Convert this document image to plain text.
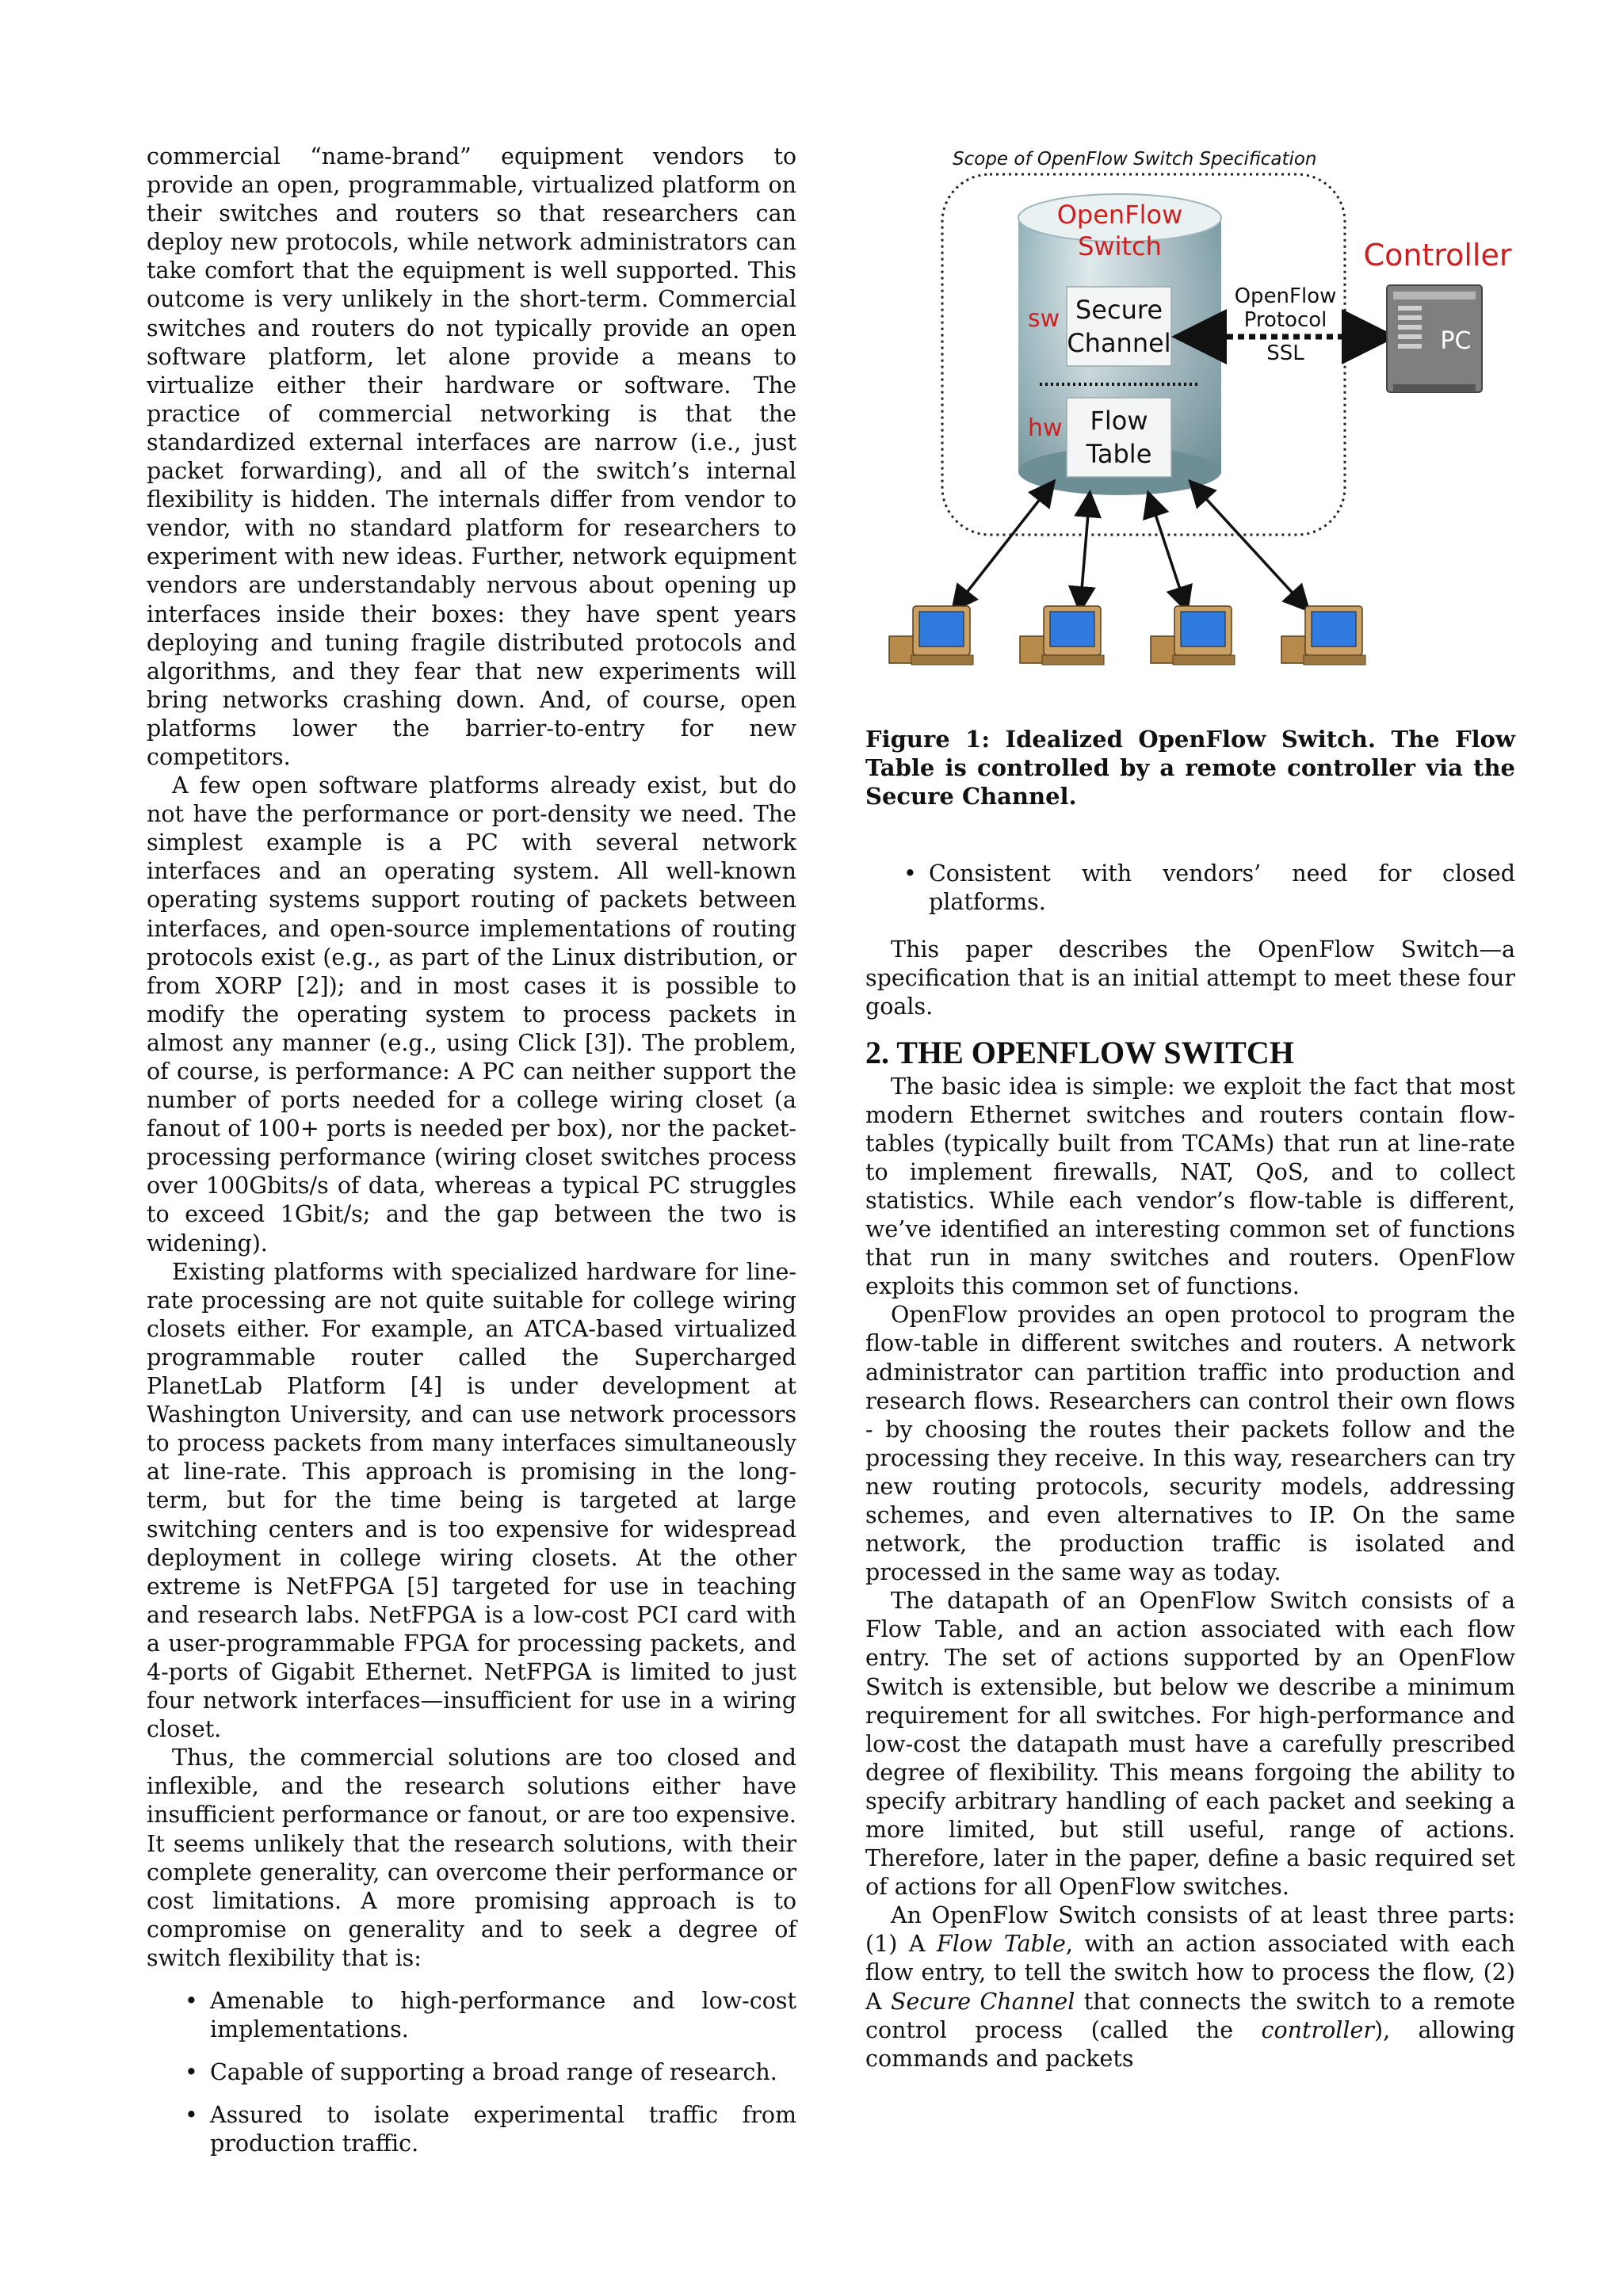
commercial “name-brand” equipment vendors to provide an open, programmable, virtualized platform on their switches and routers so that researchers can deploy new protocols, while network administrators can take comfort that the equipment is well supported. This outcome is very unlikely in the short-term. Commercial switches and routers do not typically provide an open software platform, let alone provide a means to virtualize either their hardware or software. The practice of commercial networking is that the standardized external interfaces are narrow (i.e., just packet forwarding), and all of the switch’s internal flexibility is hidden. The internals differ from vendor to vendor, with no standard platform for researchers to experiment with new ideas. Further, network equipment vendors are understandably nervous about opening up interfaces inside their boxes: they have spent years deploying and tuning fragile distributed protocols and algorithms, and they fear that new experiments will bring networks crashing down. And, of course, open platforms lower the barrier-to-entry for new competitors.

A few open software platforms already exist, but do not have the performance or port-density we need. The simplest example is a PC with several network interfaces and an operating system. All well-known operating systems support routing of packets between interfaces, and open-source implementations of routing protocols exist (e.g., as part of the Linux distribution, or from XORP [2]); and in most cases it is possible to modify the operating system to process packets in almost any manner (e.g., using Click [3]). The problem, of course, is performance: A PC can neither support the number of ports needed for a college wiring closet (a fanout of 100+ ports is needed per box), nor the packet-processing performance (wiring closet switches process over 100Gbits/s of data, whereas a typical PC struggles to exceed 1Gbit/s; and the gap between the two is widening).

Existing platforms with specialized hardware for line-rate processing are not quite suitable for college wiring closets either. For example, an ATCA-based virtualized programmable router called the Supercharged PlanetLab Platform [4] is under development at Washington University, and can use network processors to process packets from many interfaces simultaneously at line-rate. This approach is promising in the long-term, but for the time being is targeted at large switching centers and is too expensive for widespread deployment in college wiring closets. At the other extreme is NetFPGA [5] targeted for use in teaching and research labs. NetFPGA is a low-cost PCI card with a user-programmable FPGA for processing packets, and 4-ports of Gigabit Ethernet. NetFPGA is limited to just four network interfaces—insufficient for use in a wiring closet.

Thus, the commercial solutions are too closed and inflexible, and the research solutions either have insufficient performance or fanout, or are too expensive. It seems unlikely that the research solutions, with their complete generality, can overcome their performance or cost limitations. A more promising approach is to compromise on generality and to seek a degree of switch flexibility that is:

• Amenable to high-performance and low-cost implementations.
• Capable of supporting a broad range of research.
• Assured to isolate experimental traffic from production traffic.
Scope of OpenFlow Switch Specification
OpenFlow
Switch
sw
hw
Secure
Channel
Flow
Table
OpenFlow
Protocol
SSL
Controller
PC
Figure 1: Idealized OpenFlow Switch. The Flow Table is controlled by a remote controller via the Secure Channel.
• Consistent with vendors’ need for closed platforms.

This paper describes the OpenFlow Switch—a specification that is an initial attempt to meet these four goals.

2. THE OPENFLOW SWITCH

The basic idea is simple: we exploit the fact that most modern Ethernet switches and routers contain flow-tables (typically built from TCAMs) that run at line-rate to implement firewalls, NAT, QoS, and to collect statistics. While each vendor’s flow-table is different, we’ve identified an interesting common set of functions that run in many switches and routers. OpenFlow exploits this common set of functions.

OpenFlow provides an open protocol to program the flow-table in different switches and routers. A network administrator can partition traffic into production and research flows. Researchers can control their own flows - by choosing the routes their packets follow and the processing they receive. In this way, researchers can try new routing protocols, security models, addressing schemes, and even alternatives to IP. On the same network, the production traffic is isolated and processed in the same way as today.

The datapath of an OpenFlow Switch consists of a Flow Table, and an action associated with each flow entry. The set of actions supported by an OpenFlow Switch is extensible, but below we describe a minimum requirement for all switches. For high-performance and low-cost the datapath must have a carefully prescribed degree of flexibility. This means forgoing the ability to specify arbitrary handling of each packet and seeking a more limited, but still useful, range of actions. Therefore, later in the paper, define a basic required set of actions for all OpenFlow switches.

An OpenFlow Switch consists of at least three parts: (1) A Flow Table, with an action associated with each flow entry, to tell the switch how to process the flow, (2) A Secure Channel that connects the switch to a remote control process (called the controller), allowing commands and packets
